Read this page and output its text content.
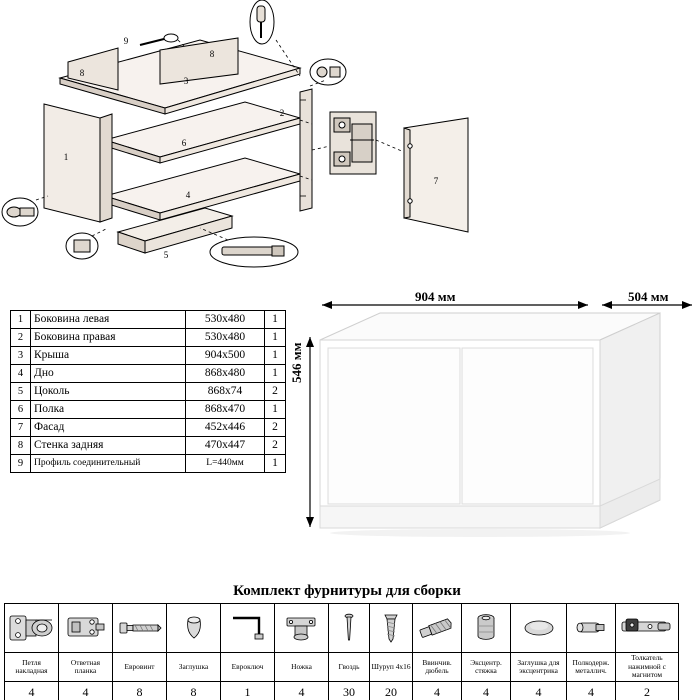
1
2
3
4
5
6
7
8
8
9
1	Боковина левая	530х480	1
2	Боковина правая	530х480	1
3	Крыша	904х500	1
4	Дно	868х480	1
5	Цоколь	868х74	2
6	Полка	868х470	1
7	Фасад	452х446	2
8	Стенка задняя	470х447	2
9	Профиль соединительный	L=440мм	1
904 мм	504 мм
546 мм
Комплект фурнитуры для сборки

Петля накладная	Ответная планка	Евровинт	Заглушка	Евроключ	Ножка	Гвоздь	Шуруп 4х16	Ввинчив. дюбель	Эксцентр. стяжка	Заглушка для эксцентрика	Полкодерж. металлич.	Толкатель нажимной с магнитом
4	4	8	8	1	4	30	20	4	4	4	4	2
